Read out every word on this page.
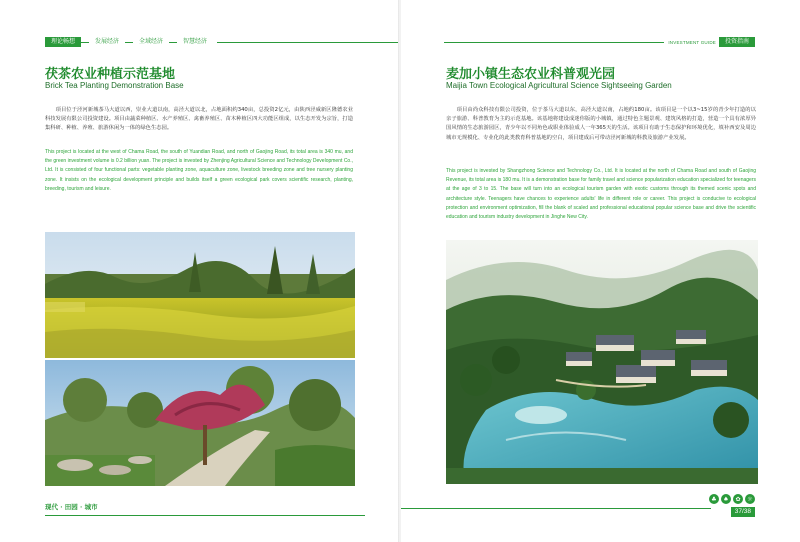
理论畅想	发展经济	全域经济	智慧经济
茯茶农业种植示范基地
Brick Tea Planting Demonstration Base
项目位于泾河新城茶马大道以西，崇业大道以南，高泾大道以北，占地面积约340亩，总投资2亿元，由陕西泾威新区隆德农业科技发展有限公司投资建设。项目由蔬菜种植区、水产养殖区、禽畜养殖区、苗木种植区四大功能区组成，以生态开发为宗旨，打造集科研、种植、养殖、旅游休闲为一体的绿色生态园。
This project is located at the west of Chama Road, the south of Yuandian Road, and north of Gaojing Road, its total area is 340 mu, and the green investment volume is 0.2 billion yuan. The project is invested by Zhenjing Agricultural Science and Technology Development Co., Ltd. It is consisted of four functional parts: vegetable planting zone, aquaculture zone, livestock breeding zone and tree nursery planting zone. It insists on the ecological development principle and builds itself a green ecological park covers scientific research, planting, breeding, tourism and leisure.
现代 · 田园 · 城市
INVESTMENT GUIDE	投资指南
麦加小镇生态农业科普观光园
Maijia Town Ecological Agricultural Science Sightseeing Garden
项目由尚众科技有限公司投资，位于茶马大道以东，高泾大道以南，占地约180亩。该项目是一个以3~15岁的青少年打造的以亲子旅游、科普教育为主的示范基地。该基地将建设成迷你版的小城镇，通过特色主题景观、建筑风格的打造，营造一个具有浓厚异国风情的生态旅游园区，青少年以不同角色或职业体验成人一年365天的生活。该项目有助于生态保护和环境优化，填补西安及周边城市无规模化、专业化的此类教育科普基地的空白，项目建成后可带动泾河新城的科教及旅游产业发展。
This project is invested by Shangzhong Science and Technology Co., Ltd. It is located at the north of Chama Road and south of Gaojing Revenue, its total area is 180 mu. It is a demonstration base for family travel and science popularization education specialized for teenagers at the age of 3 to 15. The base will turn into an ecological tourism garden with exotic customs through its themed scenic spots and architecture style. Teenagers have chances to experience adults' life in different role or career. This project is conducive to ecological protection and environment optimization, fill the blank of scaled and professional educational popular science base and drive the scientific education and tourism industry development in Jinghe New City.
♣	♠	✿	☼
37/38
